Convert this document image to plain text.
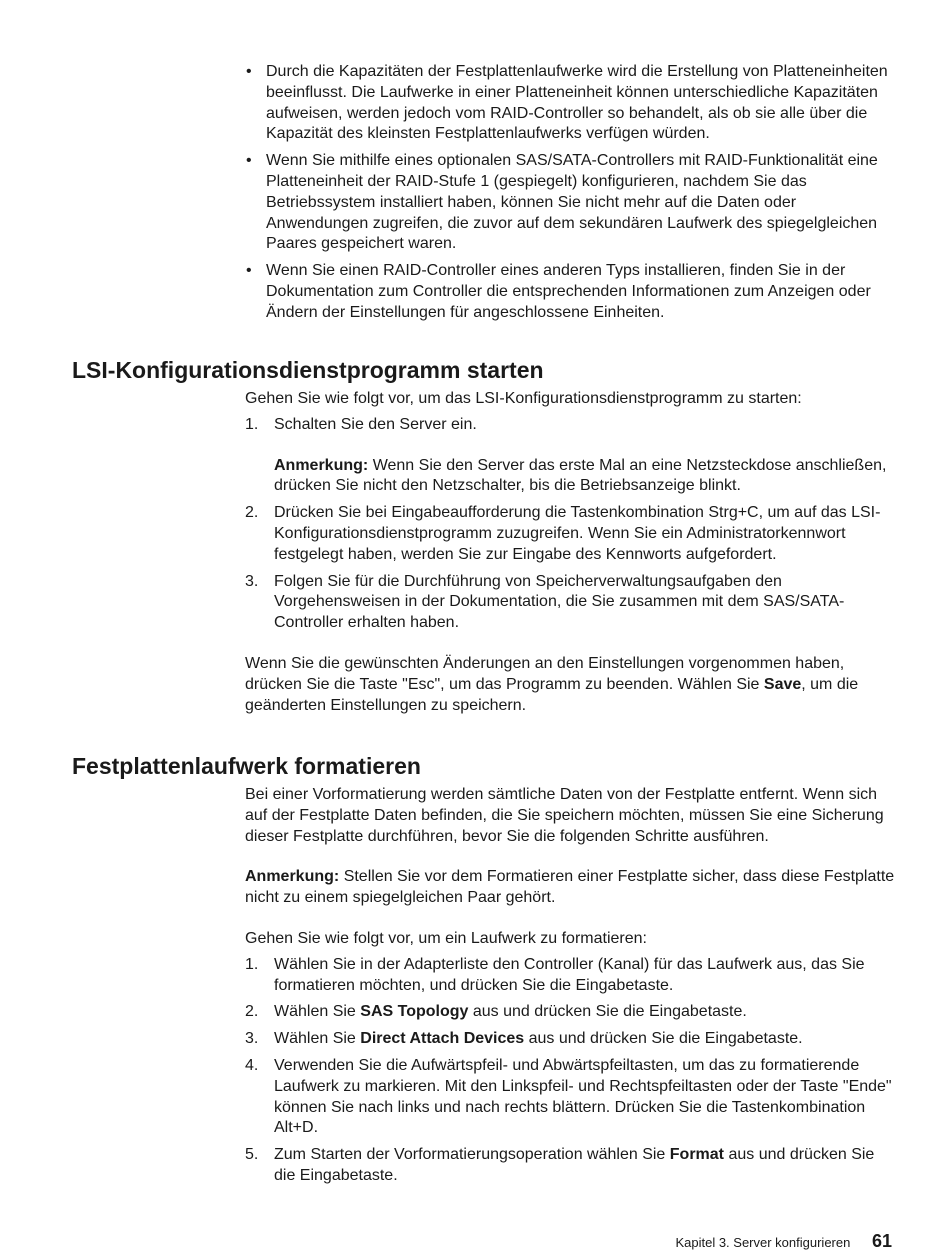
• Durch die Kapazitäten der Festplattenlaufwerke wird die Erstellung von Platteneinheiten beeinflusst. Die Laufwerke in einer Platteneinheit können unterschiedliche Kapazitäten aufweisen, werden jedoch vom RAID-Controller so behandelt, als ob sie alle über die Kapazität des kleinsten Festplattenlaufwerks verfügen würden.
• Wenn Sie mithilfe eines optionalen SAS/SATA-Controllers mit RAID-Funktionalität eine Platteneinheit der RAID-Stufe 1 (gespiegelt) konfigurieren, nachdem Sie das Betriebssystem installiert haben, können Sie nicht mehr auf die Daten oder Anwendungen zugreifen, die zuvor auf dem sekundären Laufwerk des spiegelgleichen Paares gespeichert waren.
• Wenn Sie einen RAID-Controller eines anderen Typs installieren, finden Sie in der Dokumentation zum Controller die entsprechenden Informationen zum Anzeigen oder Ändern der Einstellungen für angeschlossene Einheiten.
LSI-Konfigurationsdienstprogramm starten

Gehen Sie wie folgt vor, um das LSI-Konfigurationsdienstprogramm zu starten:

1. Schalten Sie den Server ein.

Anmerkung: Wenn Sie den Server das erste Mal an eine Netzsteckdose anschließen, drücken Sie nicht den Netzschalter, bis die Betriebsanzeige blinkt.

2. Drücken Sie bei Eingabeaufforderung die Tastenkombination Strg+C, um auf das LSI-Konfigurationsdienstprogramm zuzugreifen. Wenn Sie ein Administratorkennwort festgelegt haben, werden Sie zur Eingabe des Kennworts aufgefordert.
3. Folgen Sie für die Durchführung von Speicherverwaltungsaufgaben den Vorgehensweisen in der Dokumentation, die Sie zusammen mit dem SAS/SATA-Controller erhalten haben.

Wenn Sie die gewünschten Änderungen an den Einstellungen vorgenommen haben, drücken Sie die Taste "Esc", um das Programm zu beenden. Wählen Sie Save, um die geänderten Einstellungen zu speichern.

Festplattenlaufwerk formatieren

Bei einer Vorformatierung werden sämtliche Daten von der Festplatte entfernt. Wenn sich auf der Festplatte Daten befinden, die Sie speichern möchten, müssen Sie eine Sicherung dieser Festplatte durchführen, bevor Sie die folgenden Schritte ausführen.

Anmerkung: Stellen Sie vor dem Formatieren einer Festplatte sicher, dass diese Festplatte nicht zu einem spiegelgleichen Paar gehört.

Gehen Sie wie folgt vor, um ein Laufwerk zu formatieren:

1. Wählen Sie in der Adapterliste den Controller (Kanal) für das Laufwerk aus, das Sie formatieren möchten, und drücken Sie die Eingabetaste.
2. Wählen Sie SAS Topology aus und drücken Sie die Eingabetaste.
3. Wählen Sie Direct Attach Devices aus und drücken Sie die Eingabetaste.
4. Verwenden Sie die Aufwärtspfeil- und Abwärtspfeiltasten, um das zu formatierende Laufwerk zu markieren. Mit den Linkspfeil- und Rechtspfeiltasten oder der Taste "Ende" können Sie nach links und nach rechts blättern. Drücken Sie die Tastenkombination Alt+D.
5. Zum Starten der Vorformatierungsoperation wählen Sie Format aus und drücken Sie die Eingabetaste.
Kapitel 3. Server konfigurieren 61
